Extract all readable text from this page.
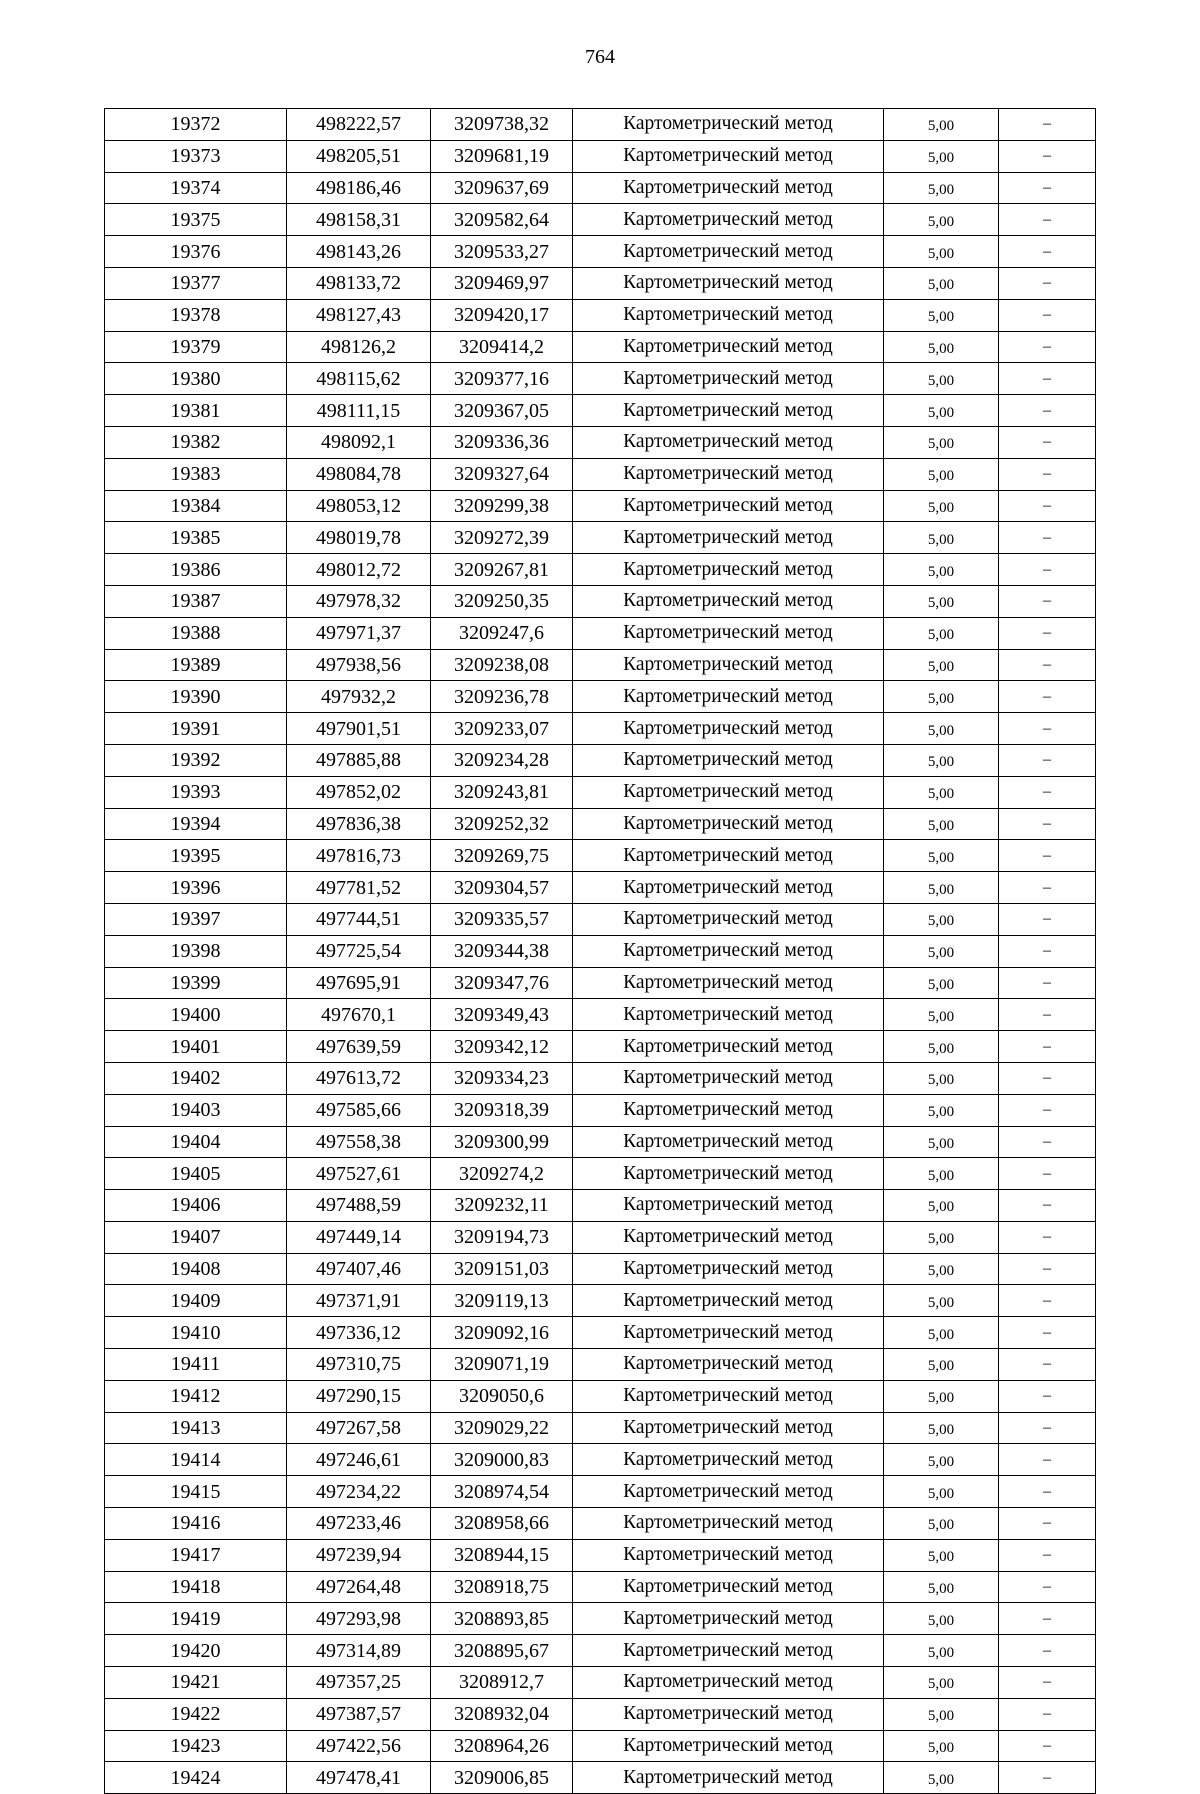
764
19372	498222,57	3209738,32	Картометрический метод	5,00	–
19373	498205,51	3209681,19	Картометрический метод	5,00	–
19374	498186,46	3209637,69	Картометрический метод	5,00	–
19375	498158,31	3209582,64	Картометрический метод	5,00	–
19376	498143,26	3209533,27	Картометрический метод	5,00	–
19377	498133,72	3209469,97	Картометрический метод	5,00	–
19378	498127,43	3209420,17	Картометрический метод	5,00	–
19379	498126,2	3209414,2	Картометрический метод	5,00	–
19380	498115,62	3209377,16	Картометрический метод	5,00	–
19381	498111,15	3209367,05	Картометрический метод	5,00	–
19382	498092,1	3209336,36	Картометрический метод	5,00	–
19383	498084,78	3209327,64	Картометрический метод	5,00	–
19384	498053,12	3209299,38	Картометрический метод	5,00	–
19385	498019,78	3209272,39	Картометрический метод	5,00	–
19386	498012,72	3209267,81	Картометрический метод	5,00	–
19387	497978,32	3209250,35	Картометрический метод	5,00	–
19388	497971,37	3209247,6	Картометрический метод	5,00	–
19389	497938,56	3209238,08	Картометрический метод	5,00	–
19390	497932,2	3209236,78	Картометрический метод	5,00	–
19391	497901,51	3209233,07	Картометрический метод	5,00	–
19392	497885,88	3209234,28	Картометрический метод	5,00	–
19393	497852,02	3209243,81	Картометрический метод	5,00	–
19394	497836,38	3209252,32	Картометрический метод	5,00	–
19395	497816,73	3209269,75	Картометрический метод	5,00	–
19396	497781,52	3209304,57	Картометрический метод	5,00	–
19397	497744,51	3209335,57	Картометрический метод	5,00	–
19398	497725,54	3209344,38	Картометрический метод	5,00	–
19399	497695,91	3209347,76	Картометрический метод	5,00	–
19400	497670,1	3209349,43	Картометрический метод	5,00	–
19401	497639,59	3209342,12	Картометрический метод	5,00	–
19402	497613,72	3209334,23	Картометрический метод	5,00	–
19403	497585,66	3209318,39	Картометрический метод	5,00	–
19404	497558,38	3209300,99	Картометрический метод	5,00	–
19405	497527,61	3209274,2	Картометрический метод	5,00	–
19406	497488,59	3209232,11	Картометрический метод	5,00	–
19407	497449,14	3209194,73	Картометрический метод	5,00	–
19408	497407,46	3209151,03	Картометрический метод	5,00	–
19409	497371,91	3209119,13	Картометрический метод	5,00	–
19410	497336,12	3209092,16	Картометрический метод	5,00	–
19411	497310,75	3209071,19	Картометрический метод	5,00	–
19412	497290,15	3209050,6	Картометрический метод	5,00	–
19413	497267,58	3209029,22	Картометрический метод	5,00	–
19414	497246,61	3209000,83	Картометрический метод	5,00	–
19415	497234,22	3208974,54	Картометрический метод	5,00	–
19416	497233,46	3208958,66	Картометрический метод	5,00	–
19417	497239,94	3208944,15	Картометрический метод	5,00	–
19418	497264,48	3208918,75	Картометрический метод	5,00	–
19419	497293,98	3208893,85	Картометрический метод	5,00	–
19420	497314,89	3208895,67	Картометрический метод	5,00	–
19421	497357,25	3208912,7	Картометрический метод	5,00	–
19422	497387,57	3208932,04	Картометрический метод	5,00	–
19423	497422,56	3208964,26	Картометрический метод	5,00	–
19424	497478,41	3209006,85	Картометрический метод	5,00	–
